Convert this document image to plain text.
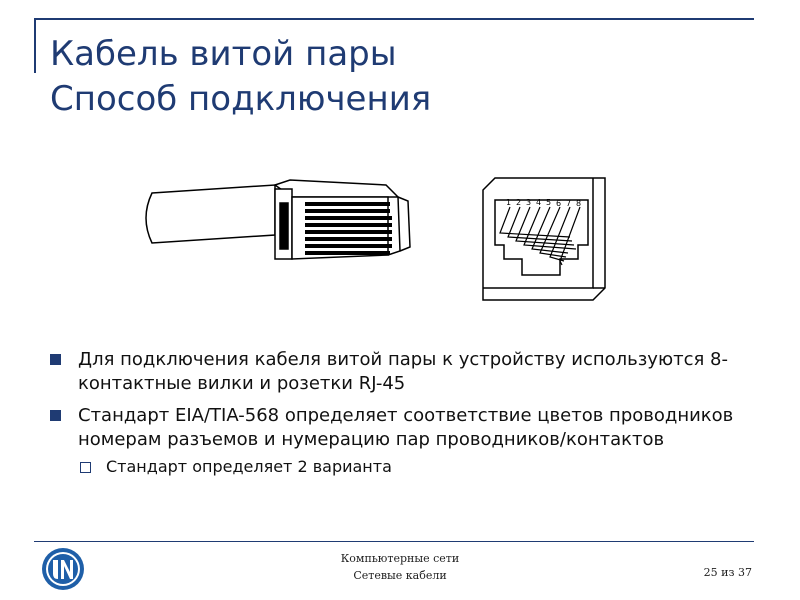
Кабель витой пары
Способ подключения
1 2 3 4 5 6 7 8
Для подключения кабеля витой пары к устройству используются 8-контактные вилки и розетки RJ-45
Стандарт EIA/TIA-568 определяет соответствие цветов проводников номерам разъемов и нумерацию пар проводников/контактов
Стандарт определяет 2 варианта
Компьютерные сети
Сетевые кабели	25 из 37
